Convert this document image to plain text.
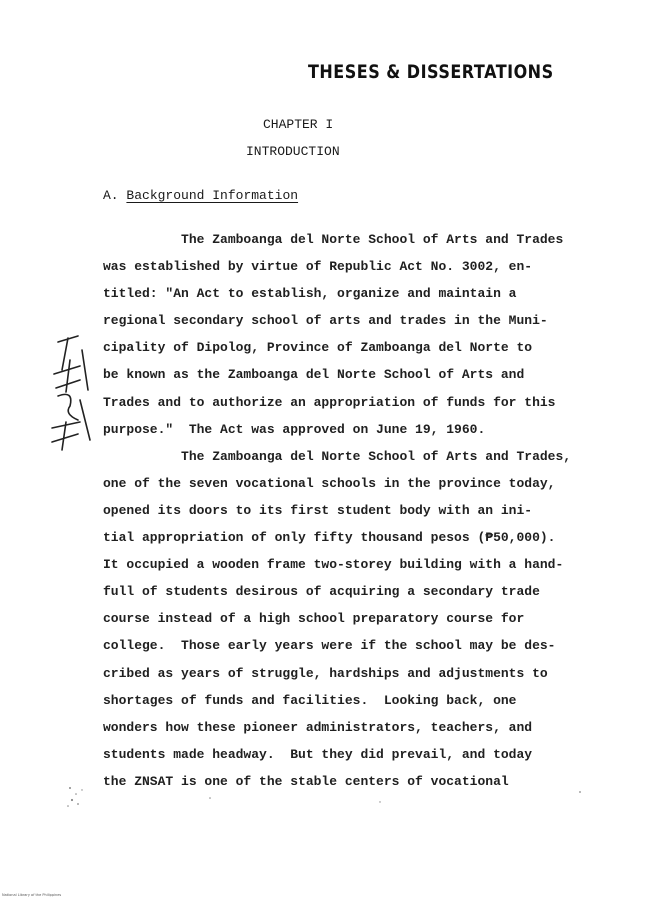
THESES & DISSERTATIONS
CHAPTER I
INTRODUCTION
A. Background Information
The Zamboanga del Norte School of Arts and Trades
was established by virtue of Republic Act No. 3002, en-
titled: "An Act to establish, organize and maintain a
regional secondary school of arts and trades in the Muni-
cipality of Dipolog, Province of Zamboanga del Norte to
be known as the Zamboanga del Norte School of Arts and
Trades and to authorize an appropriation of funds for this
purpose."  The Act was approved on June 19, 1960.
The Zamboanga del Norte School of Arts and Trades,
one of the seven vocational schools in the province today,
opened its doors to its first student body with an ini-
tial appropriation of only fifty thousand pesos (₱50,000).
It occupied a wooden frame two-storey building with a hand-
full of students desirous of acquiring a secondary trade
course instead of a high school preparatory course for
college.  Those early years were if the school may be des-
cribed as years of struggle, hardships and adjustments to
shortages of funds and facilities.  Looking back, one
wonders how these pioneer administrators, teachers, and
students made headway.  But they did prevail, and today
the ZNSAT is one of the stable centers of vocational
174 R+Z
National Library of the Philippines
